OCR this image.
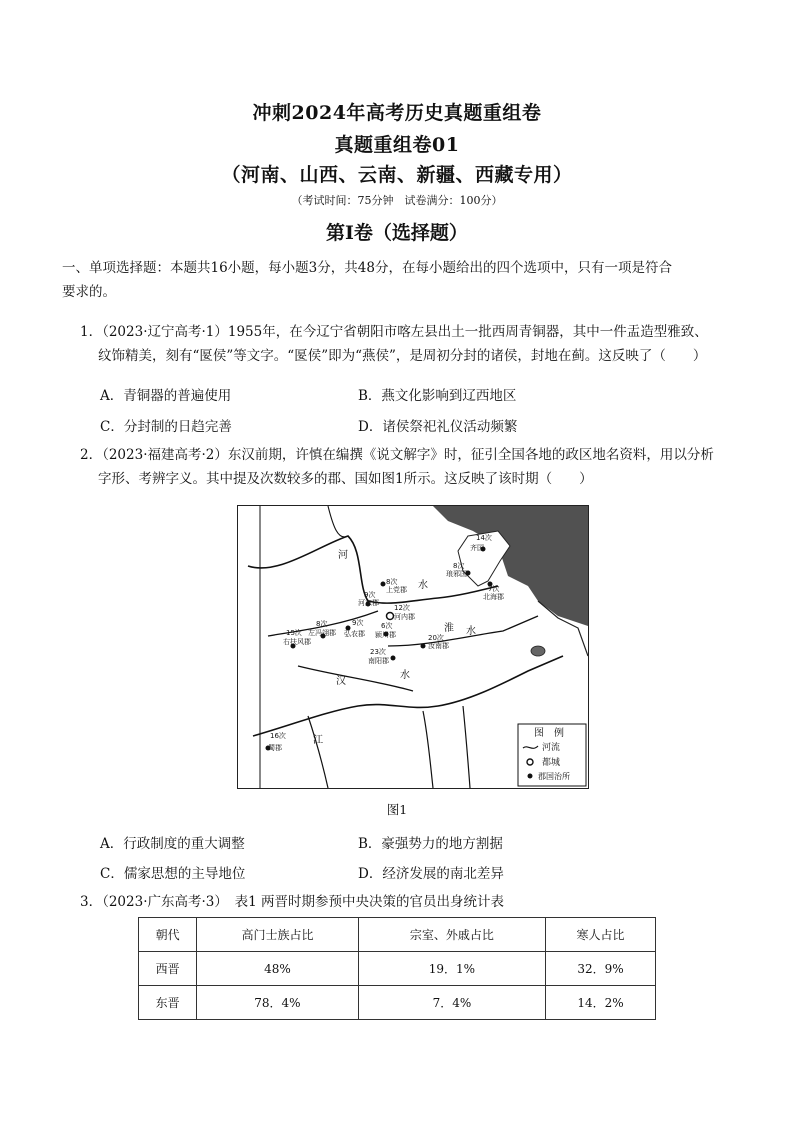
冲刺2024年高考历史真题重组卷
真题重组卷01
（河南、山西、云南、新疆、西藏专用）
（考试时间：75分钟　试卷满分：100分）
第I卷（选择题）
一、单项选择题：本题共16小题，每小题3分，共48分，在每小题给出的四个选项中，只有一项是符合
要求的。
1．（2023·辽宁高考·1）1955年，在今辽宁省朝阳市喀左县出土一批西周青铜器，其中一件盂造型雅致、
纹饰精美，刻有“匽侯”等文字。“匽侯”即为“燕侯”，是周初分封的诸侯，封地在蓟。这反映了（　　）
A．青铜器的普遍使用	B．燕文化影响到辽西地区
C．分封制的日趋完善	D．诸侯祭祀礼仪活动频繁
2．（2023·福建高考·2）东汉前期，许慎在编撰《说文解字》时，征引全国各地的政区地名资料，用以分析
字形、考辨字义。其中提及次数较多的郡、国如图1所示。这反映了该时期（　　）
14次
齐国
8次
琅邪国
7次
北海郡
8次
上党郡
9次
河东郡
12次
河内郡
8次
左冯翊郡
15次
右扶风郡
9次
弘农郡
6次
颍川郡	20次
汝南郡
23次
南阳郡
16次
蜀郡
河
水
水
汉
水
江
淮
图　例
河流
都城
郡国治所
图1
A．行政制度的重大调整	B．豪强势力的地方割据
C．儒家思想的主导地位	D．经济发展的南北差异
3．（2023·广东高考·3）　表1 两晋时期参预中央决策的官员出身统计表
朝代	高门士族占比	宗室、外戚占比	寒人占比
西晋	48%	19．1%	32．9%
东晋	78．4%	7．4%	14．2%
